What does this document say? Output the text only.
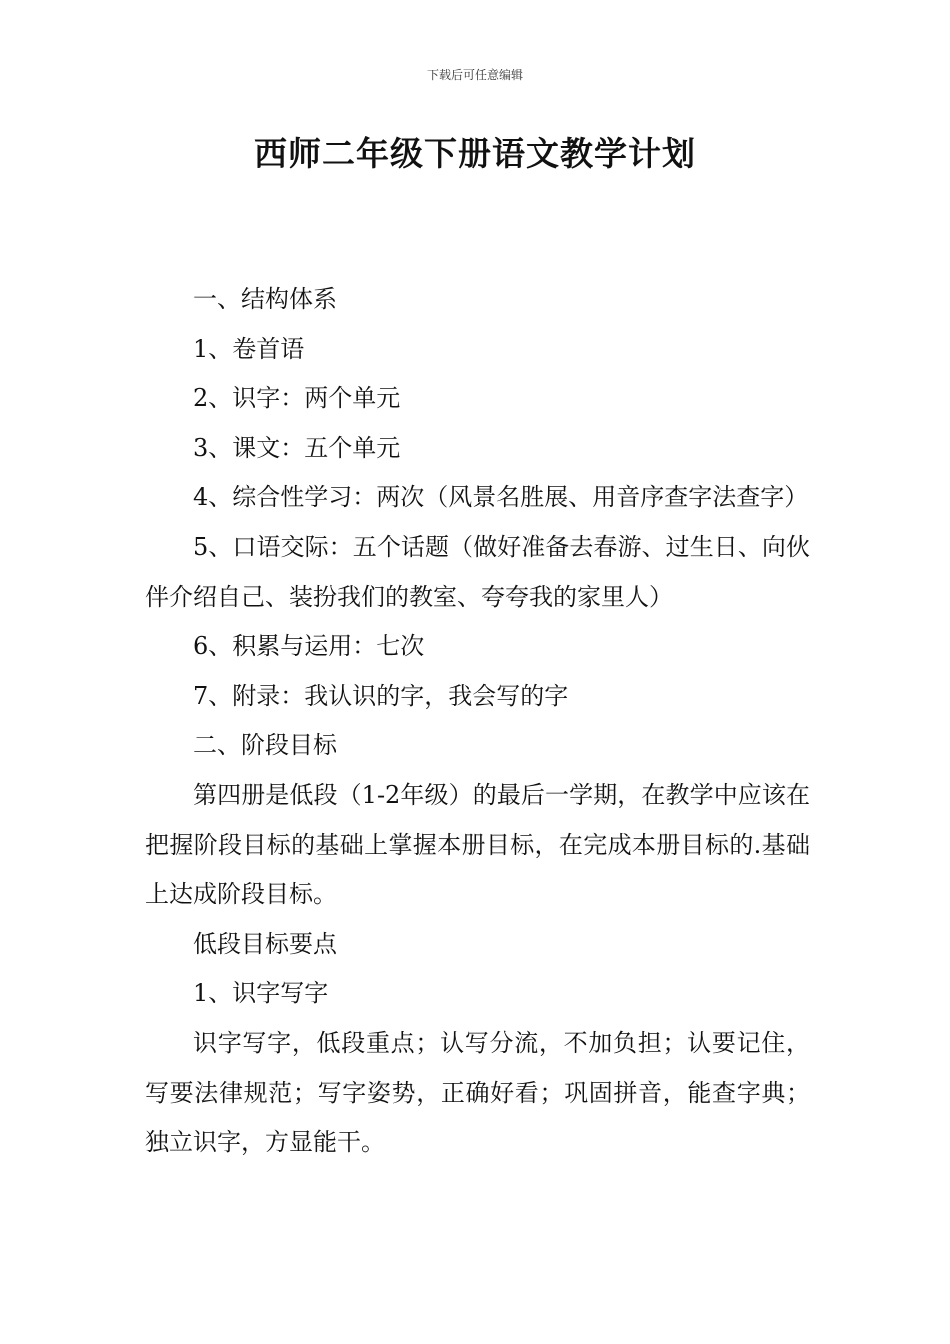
下载后可任意编辑
西师二年级下册语文教学计划

一、结构体系

1、卷首语

2、识字：两个单元

3、课文：五个单元

4、综合性学习：两次（风景名胜展、用音序查字法查字）

5、口语交际：五个话题（做好准备去春游、过生日、向伙伴介绍自己、装扮我们的教室、夸夸我的家里人）

6、积累与运用：七次

7、附录：我认识的字，我会写的字

二、阶段目标

第四册是低段（1-2年级）的最后一学期，在教学中应该在把握阶段目标的基础上掌握本册目标，在完成本册目标的.基础上达成阶段目标。

低段目标要点

1、识字写字

识字写字，低段重点；认写分流，不加负担；认要记住，写要法律规范；写字姿势，正确好看；巩固拼音，能查字典；独立识字，方显能干。
